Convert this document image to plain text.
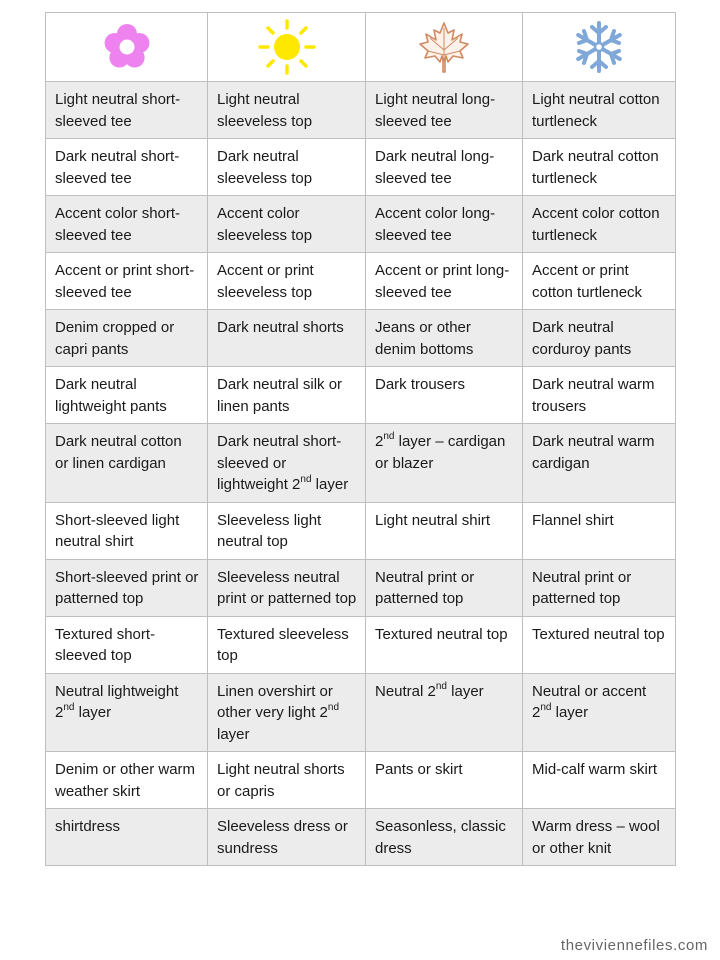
Light neutral short-sleeved tee	Light neutral sleeveless top	Light neutral long-sleeved tee	Light neutral cotton turtleneck
Dark neutral short-sleeved tee	Dark neutral sleeveless top	Dark neutral long-sleeved tee	Dark neutral cotton turtleneck
Accent color short-sleeved tee	Accent color sleeveless top	Accent color long-sleeved tee	Accent color cotton turtleneck
Accent or print short-sleeved tee	Accent or print sleeveless top	Accent or print long-sleeved tee	Accent or print cotton turtleneck
Denim cropped or capri pants	Dark neutral shorts	Jeans or other denim bottoms	Dark neutral corduroy pants
Dark neutral lightweight pants	Dark neutral silk or linen pants	Dark trousers	Dark neutral warm trousers
Dark neutral cotton or linen cardigan	Dark neutral short-sleeved or lightweight 2nd layer	2nd layer – cardigan or blazer	Dark neutral warm cardigan
Short-sleeved light neutral shirt	Sleeveless light neutral top	Light neutral shirt	Flannel shirt
Short-sleeved print or patterned top	Sleeveless neutral print or patterned top	Neutral print or patterned top	Neutral print or patterned top
Textured short-sleeved top	Textured sleeveless top	Textured neutral top	Textured neutral top
Neutral lightweight 2nd layer	Linen overshirt or other very light 2nd layer	Neutral 2nd layer	Neutral or accent 2nd layer
Denim or other warm weather skirt	Light neutral shorts or capris	Pants or skirt	Mid-calf warm skirt
shirtdress	Sleeveless dress or sundress	Seasonless, classic dress	Warm dress – wool or other knit
theviviennefiles.com
